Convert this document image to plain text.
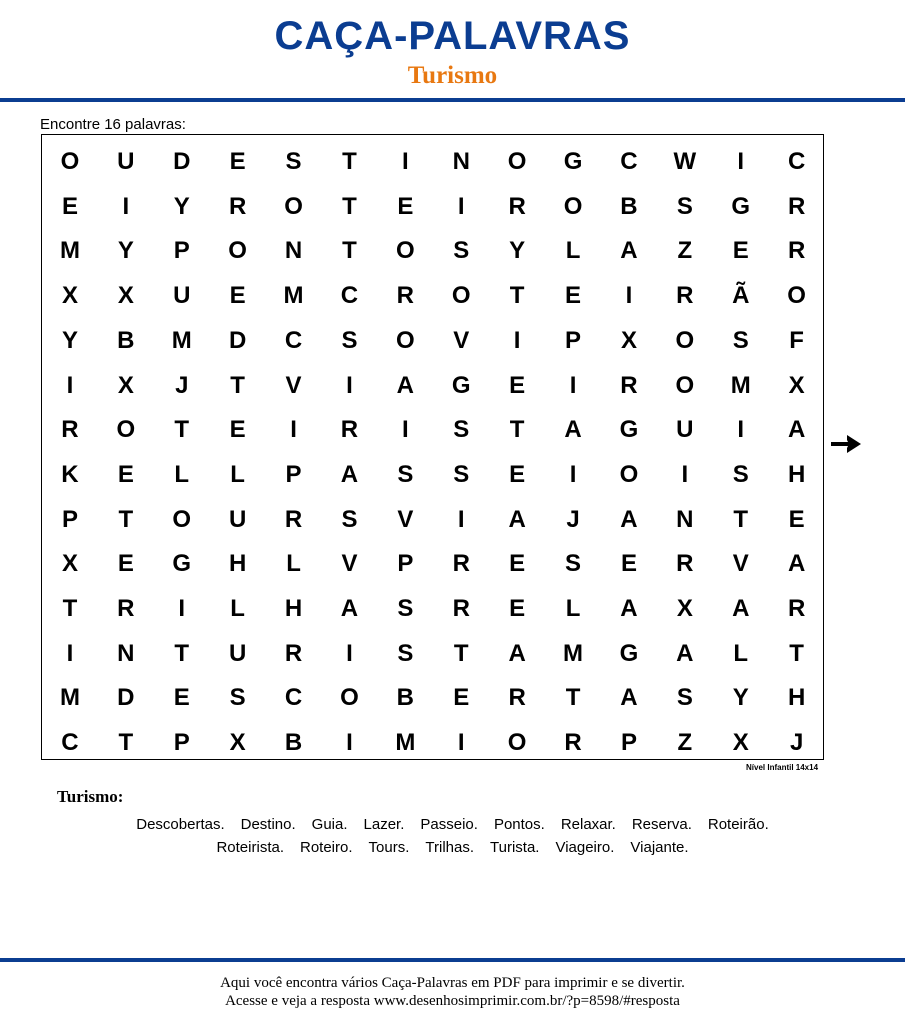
CAÇA-PALAVRAS
Turismo
Encontre 16 palavras:
O	U	D	E	S	T	I	N	O	G	C	W	I	C
E	I	Y	R	O	T	E	I	R	O	B	S	G	R
M	Y	P	O	N	T	O	S	Y	L	A	Z	E	R
X	X	U	E	M	C	R	O	T	E	I	R	Ã	O
Y	B	M	D	C	S	O	V	I	P	X	O	S	F
I	X	J	T	V	I	A	G	E	I	R	O	M	X
R	O	T	E	I	R	I	S	T	A	G	U	I	A
K	E	L	L	P	A	S	S	E	I	O	I	S	H
P	T	O	U	R	S	V	I	A	J	A	N	T	E
X	E	G	H	L	V	P	R	E	S	E	R	V	A
T	R	I	L	H	A	S	R	E	L	A	X	A	R
I	N	T	U	R	I	S	T	A	M	G	A	L	T
M	D	E	S	C	O	B	E	R	T	A	S	Y	H
C	T	P	X	B	I	M	I	O	R	P	Z	X	J
Nível Infantil 14x14
Turismo:
Descobertas. Destino. Guia. Lazer. Passeio. Pontos. Relaxar. Reserva. Roteirão.
Roteirista. Roteiro. Tours. Trilhas. Turista. Viageiro. Viajante.
Aqui você encontra vários Caça-Palavras em PDF para imprimir e se divertir.
Acesse e veja a resposta www.desenhosimprimir.com.br/?p=8598/#resposta
